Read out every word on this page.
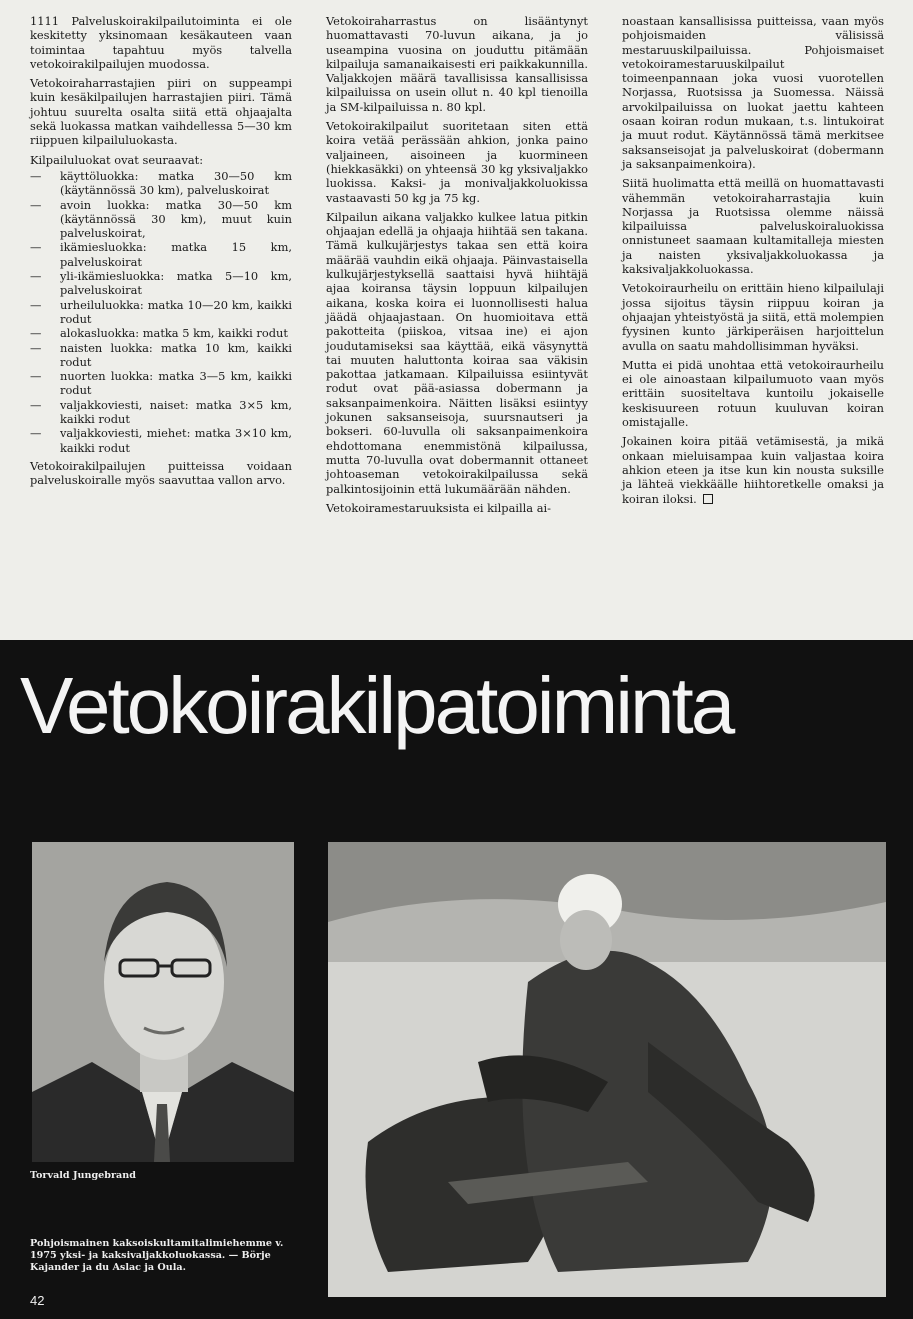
1111 Palveluskoirakilpailutoiminta ei ole keskitetty yksinomaan kesäkauteen vaan toimintaa tapahtuu myös talvella vetokoirakilpailujen muodossa.

Vetokoiraharrastajien piiri on suppeampi kuin kesäkilpailujen harrastajien piiri. Tämä johtuu suurelta osalta siitä että ohjaajalta sekä luokassa matkan vaihdellessa 5—30 km riippuen kilpailuluokasta.

Kilpailuluokat ovat seuraavat:

— käyttöluokka: matka 30—50 km (käytännössä 30 km), palveluskoirat
— avoin luokka: matka 30—50 km (käytännössä 30 km), muut kuin palveluskoirat,
— ikämiesluokka: matka 15 km, palveluskoirat
— yli-ikämiesluokka: matka 5—10 km, palveluskoirat
— urheiluluokka: matka 10—20 km, kaikki rodut
— alokasluokka: matka 5 km, kaikki rodut
— naisten luokka: matka 10 km, kaikki rodut
— nuorten luokka: matka 3—5 km, kaikki rodut
— valjakkoviesti, naiset: matka 3×5 km, kaikki rodut
— valjakkoviesti, miehet: matka 3×10 km, kaikki rodut

Vetokoirakilpailujen puitteissa voidaan palveluskoiralle myös saavuttaa vallon arvo.

Vetokoiraharrastus on lisääntynyt huomattavasti 70-luvun aikana, ja jo useampina vuosina on jouduttu pitämään kilpailuja samanaikaisesti eri paikkakunnilla. Valjakkojen määrä tavallisissa kansallisissa kilpailuissa on usein ollut n. 40 kpl tienoilla ja SM-kilpailuissa n. 80 kpl.

Vetokoirakilpailut suoritetaan siten että koira vetää perässään ahkion, jonka paino valjaineen, aisoineen ja kuormineen (hiekkasäkki) on yhteensä 30 kg yksivaljakko luokissa. Kaksi- ja monivaljakkoluokissa vastaavasti 50 kg ja 75 kg.

Kilpailun aikana valjakko kulkee latua pitkin ohjaajan edellä ja ohjaaja hiihtää sen takana. Tämä kulkujärjestys takaa sen että koira määrää vauhdin eikä ohjaaja. Päinvastaisella kulkujärjestyksellä saattaisi hyvä hiihtäjä ajaa koiransa täysin loppuun kilpailujen aikana, koska koira ei luonnollisesti halua jäädä ohjaajastaan. On huomioitava että pakotteita (piiskoa, vitsaa ine) ei ajon joudutamiseksi saa käyttää, eikä väsynyttä tai muuten haluttonta koiraa saa väkisin pakottaa jatkamaan. Kilpailuissa esiintyvät rodut ovat pää-asiassa dobermann ja saksanpaimenkoira. Näitten lisäksi esiintyy jokunen saksanseisoja, suursnautseri ja bokseri. 60-luvulla oli saksanpaimenkoira ehdottomana enemmistönä kilpailussa, mutta 70-luvulla ovat dobermannit ottaneet johtoaseman vetokoirakilpailussa sekä palkintosijoinin että lukumäärään nähden.

Vetokoiramestaruuksista ei kilpailla ai-

noastaan kansallisissa puitteissa, vaan myös pohjoismaiden välisissä mestaruuskilpailuissa. Pohjoismaiset vetokoiramestaruuskilpailut toimeenpannaan joka vuosi vuorotellen Norjassa, Ruotsissa ja Suomessa. Näissä arvokilpailuissa on luokat jaettu kahteen osaan koiran rodun mukaan, t.s. lintukoirat ja muut rodut. Käytännössä tämä merkitsee saksanseisojat ja palveluskoirat (dobermann ja saksanpaimenkoira).

Siitä huolimatta että meillä on huomattavasti vähemmän vetokoiraharrastajia kuin Norjassa ja Ruotsissa olemme näissä kilpailuissa palveluskoiraluokissa onnistuneet saamaan kultamitalleja miesten ja naisten yksivaljakkoluokassa ja kaksivaljakkoluokassa.

Vetokoiraurheilu on erittäin hieno kilpailulaji jossa sijoitus täysin riippuu koiran ja ohjaajan yhteistyöstä ja siitä, että molempien fyysinen kunto järkiperäisen harjoittelun avulla on saatu mahdollisimman hyväksi.

Mutta ei pidä unohtaa että vetokoiraurheilu ei ole ainoastaan kilpailumuoto vaan myös erittäin suositeltava kuntoilu jokaiselle keskisuureen rotuun kuuluvan koiran omistajalle.

Jokainen koira pitää vetämisestä, ja mikä onkaan mieluisampaa kuin valjastaa koira ahkion eteen ja itse kun kin nousta suksille ja lähteä viekkäälle hiihtoretkelle omaksi ja koiran iloksi.

Vetokoirakilpatoiminta
Torvald Jungebrand
Pohjoismainen kaksoiskultamitalimiehemme v. 1975 yksi- ja kaksivaljakkoluokassa. — Börje Kajander ja du Aslac ja Oula.
42
